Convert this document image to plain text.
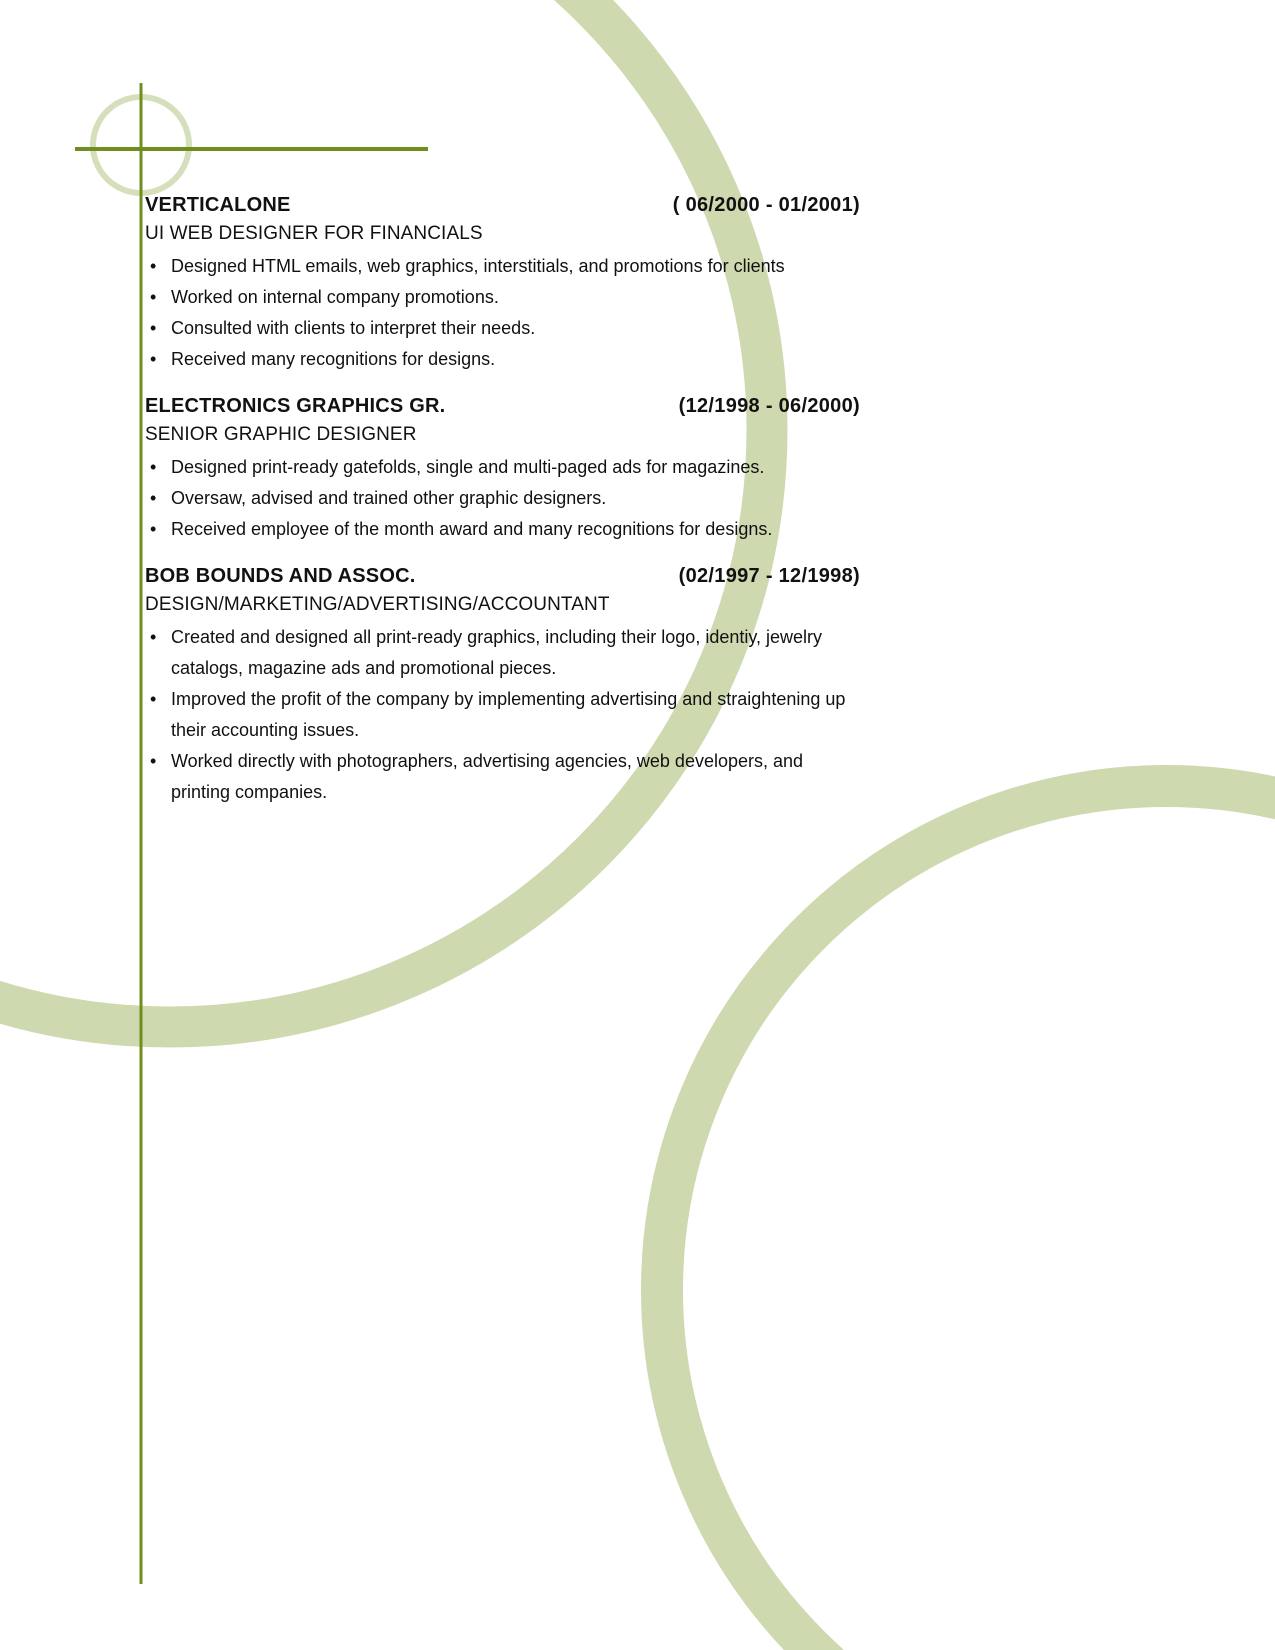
VERTICALONE	( 06/2000 - 01/2001)
UI WEB DESIGNER FOR FINANCIALS
• Designed HTML emails, web graphics, interstitials, and promotions for clients
• Worked on internal company promotions.
• Consulted with clients to interpret their needs.
• Received many recognitions for designs.
ELECTRONICS GRAPHICS GR.	(12/1998 - 06/2000)
SENIOR GRAPHIC DESIGNER
• Designed print-ready gatefolds, single and multi-paged ads for magazines.
• Oversaw, advised and trained other graphic designers.
• Received employee of the month award and many recognitions for designs.
BOB BOUNDS AND ASSOC.	(02/1997 - 12/1998)
DESIGN/MARKETING/ADVERTISING/ACCOUNTANT
• Created and designed all print-ready graphics, including their logo, identiy, jewelry catalogs, magazine ads and promotional pieces.
• Improved the profit of the company by implementing advertising and straightening up their accounting issues.
• Worked directly with photographers, advertising agencies, web developers, and printing companies.
